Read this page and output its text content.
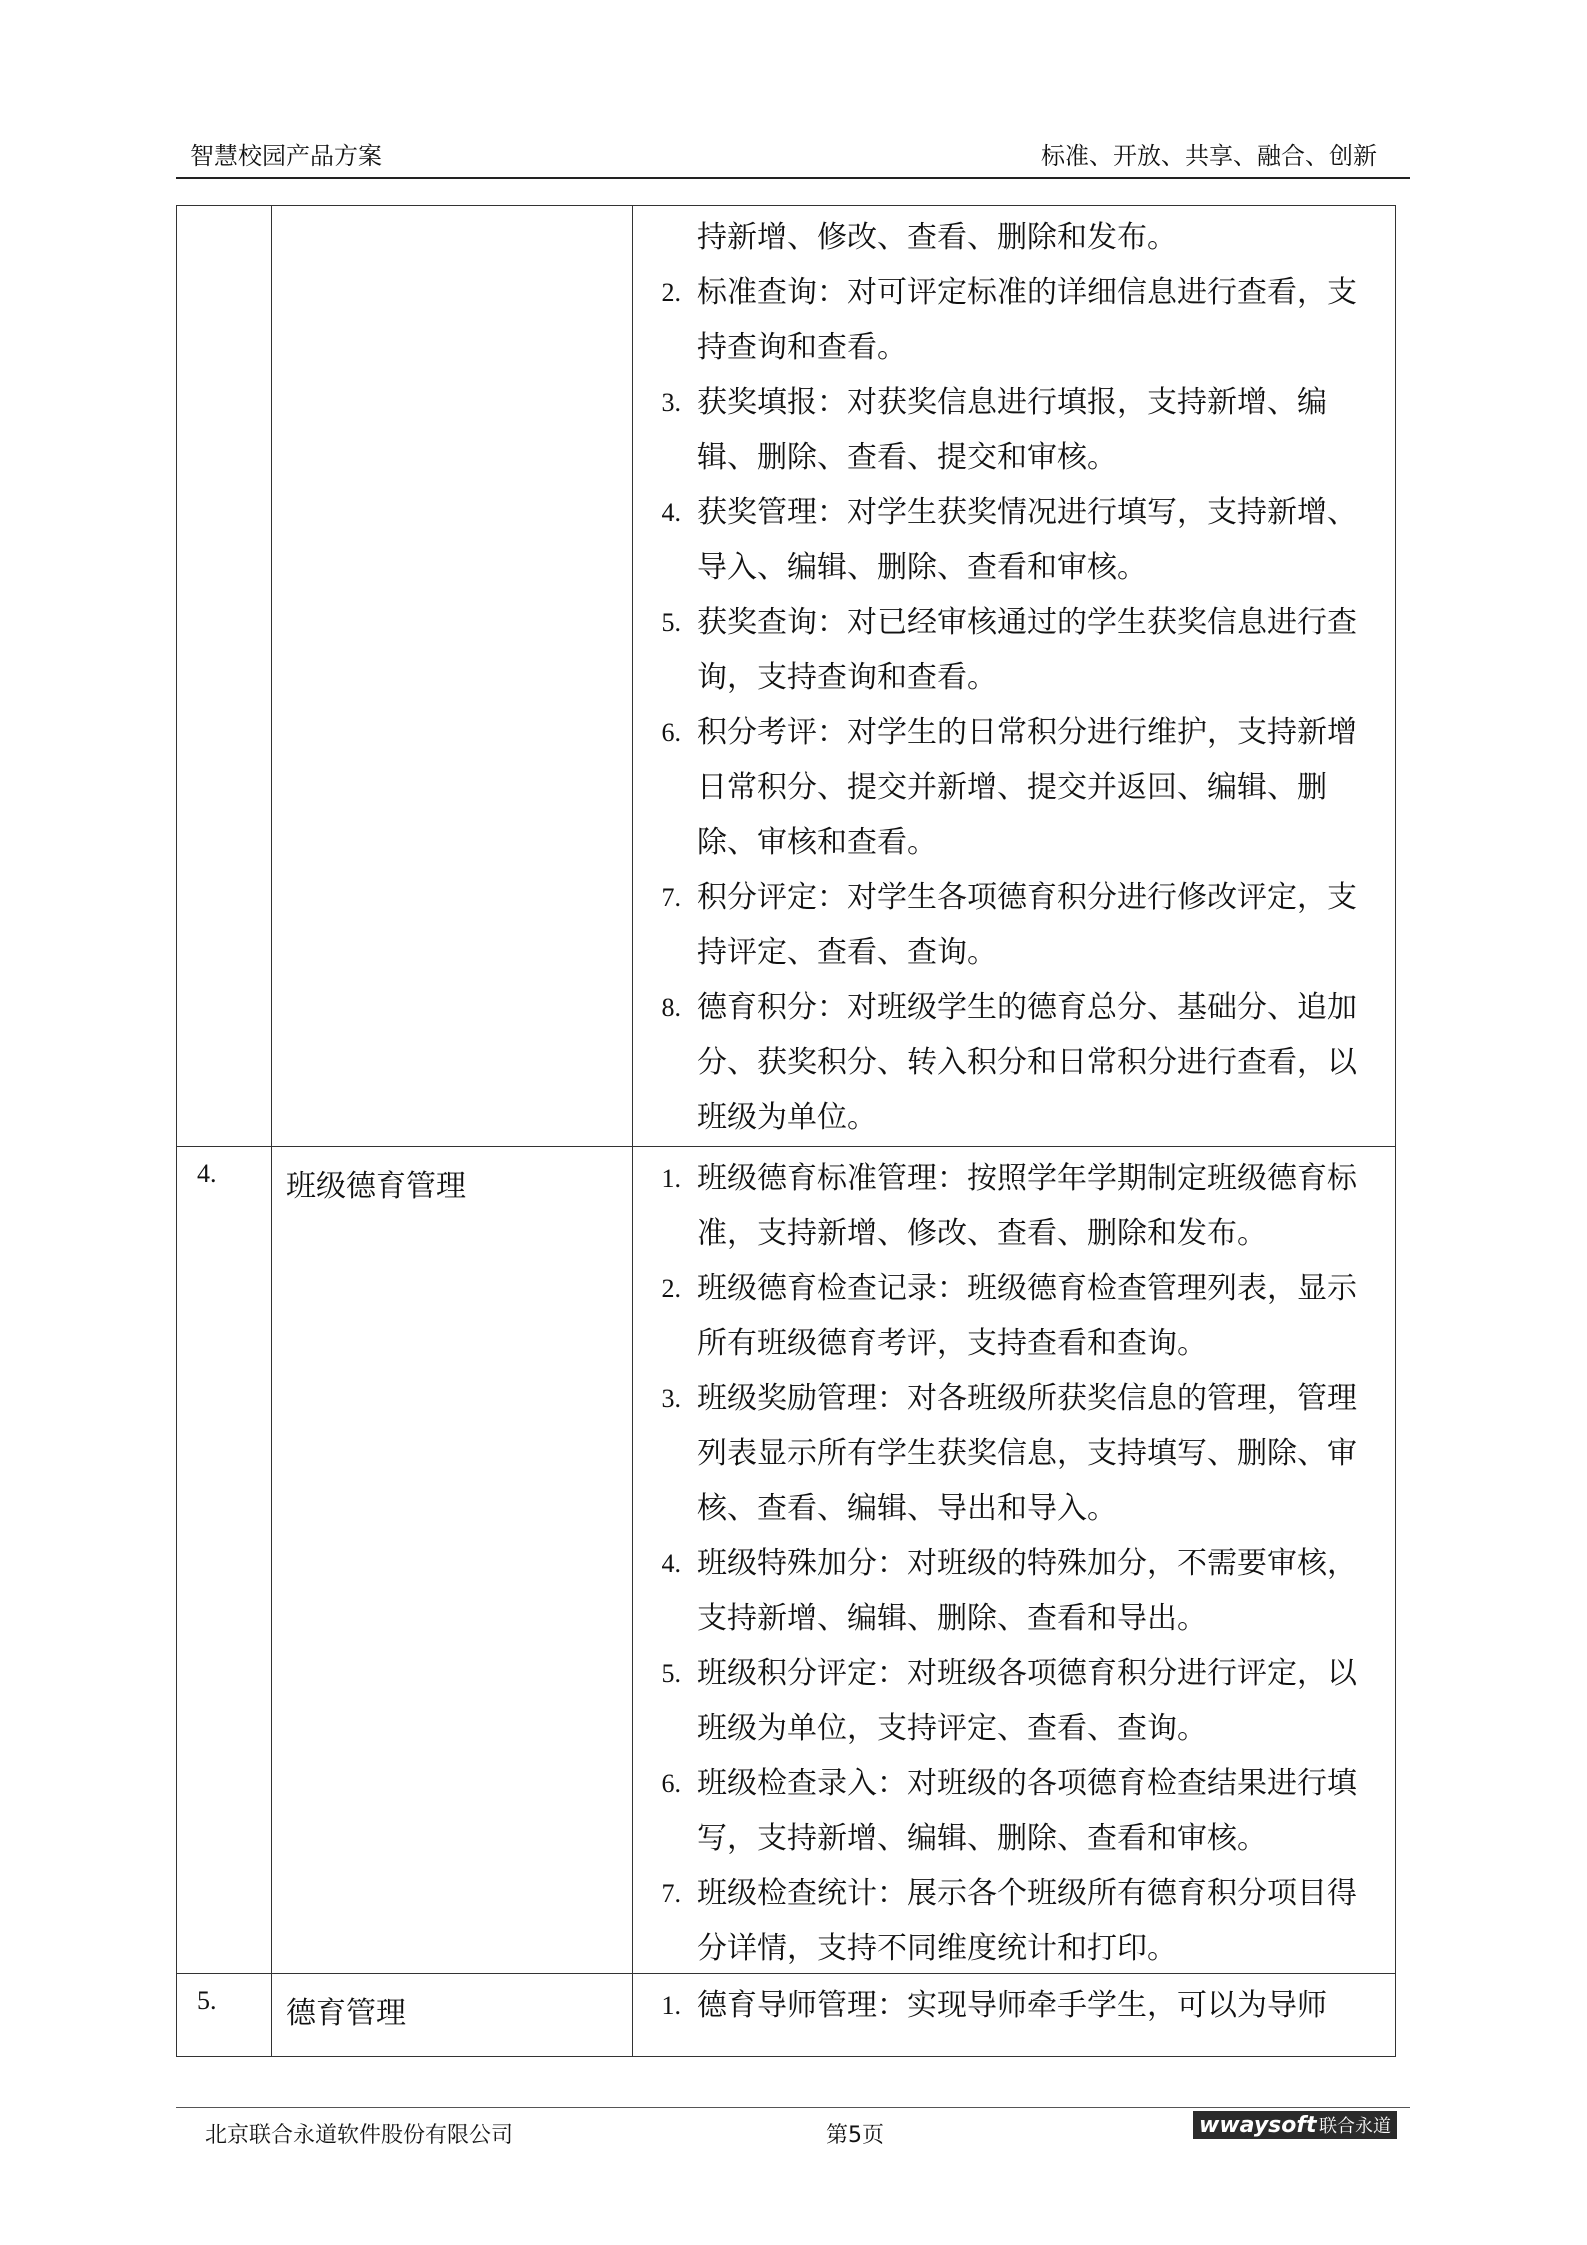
智慧校园产品方案	标准、开放、共享、融合、创新
持新增、修改、查看、删除和发布。
2. 标准查询：对可评定标准的详细信息进行查看，支持查询和查看。
3. 获奖填报：对获奖信息进行填报，支持新增、编辑、删除、查看、提交和审核。
4. 获奖管理：对学生获奖情况进行填写，支持新增、导入、编辑、删除、查看和审核。
5. 获奖查询：对已经审核通过的学生获奖信息进行查询，支持查询和查看。
6. 积分考评：对学生的日常积分进行维护，支持新增日常积分、提交并新增、提交并返回、编辑、删除、审核和查看。
7. 积分评定：对学生各项德育积分进行修改评定，支持评定、查看、查询。
8. 德育积分：对班级学生的德育总分、基础分、追加分、获奖积分、转入积分和日常积分进行查看，以班级为单位。
4.	班级德育管理	1. 班级德育标准管理：按照学年学期制定班级德育标准，支持新增、修改、查看、删除和发布。
2. 班级德育检查记录：班级德育检查管理列表，显示所有班级德育考评，支持查看和查询。
3. 班级奖励管理：对各班级所获奖信息的管理，管理列表显示所有学生获奖信息，支持填写、删除、审核、查看、编辑、导出和导入。
4. 班级特殊加分：对班级的特殊加分，不需要审核，支持新增、编辑、删除、查看和导出。
5. 班级积分评定：对班级各项德育积分进行评定，以班级为单位，支持评定、查看、查询。
6. 班级检查录入：对班级的各项德育检查结果进行填写，支持新增、编辑、删除、查看和审核。
7. 班级检查统计：展示各个班级所有德育积分项目得分详情，支持不同维度统计和打印。
5.	德育管理	1. 德育导师管理：实现导师牵手学生，可以为导师
北京联合永道软件股份有限公司	第5页	wwaysoft 联合永道
